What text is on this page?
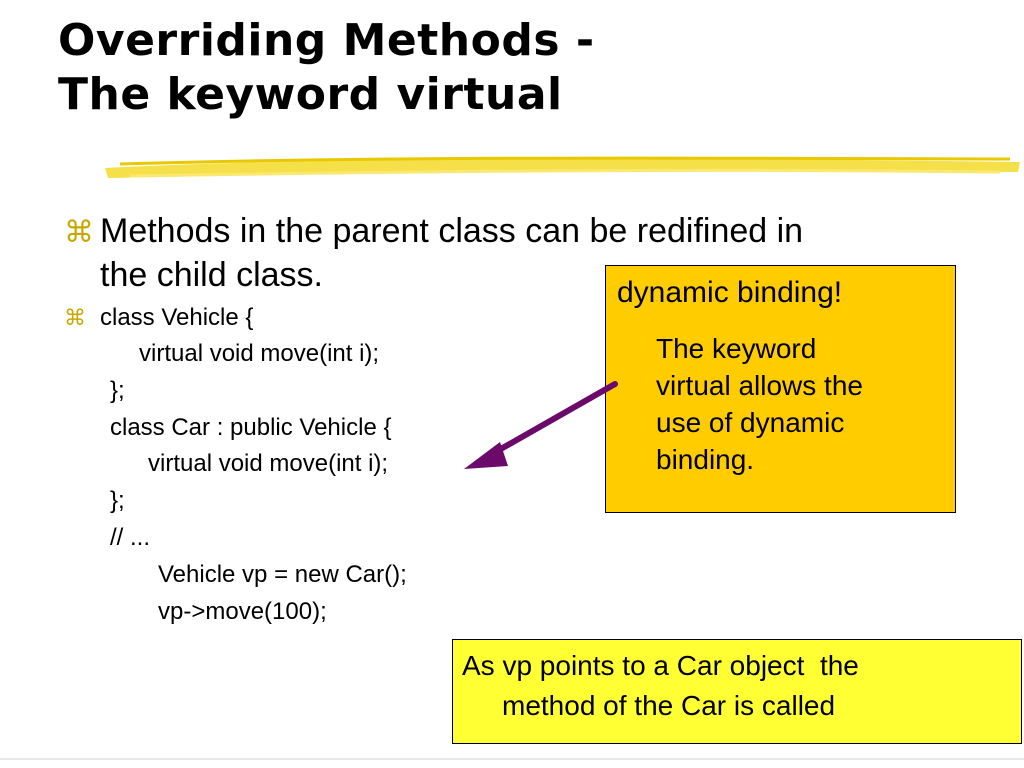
Overriding Methods -
The keyword virtual
⌘ Methods in the parent class can be redifined in
the child class.
⌘ class Vehicle {
virtual void move(int i);
};
class Car : public Vehicle {
virtual void move(int i);
};
// ...
Vehicle vp = new Car();
vp->move(100);
dynamic binding!
The keyword
virtual allows the
use of dynamic
binding.
As vp points to a Car object  the
method of the Car is called
